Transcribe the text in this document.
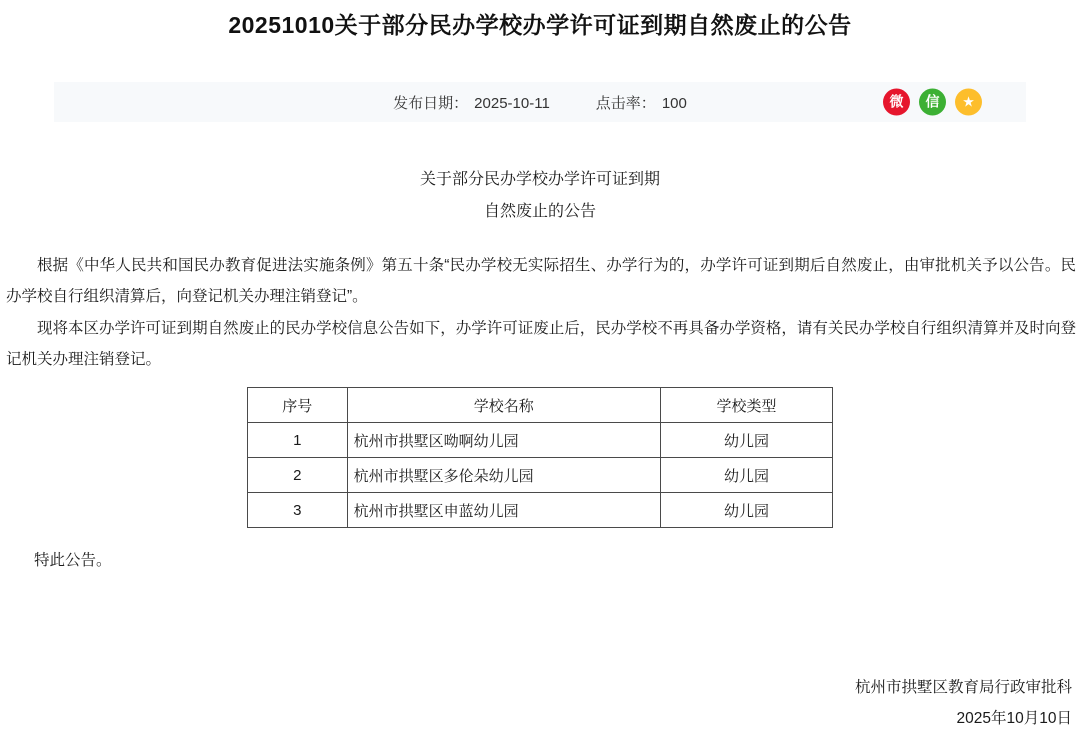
20251010关于部分民办学校办学许可证到期自然废止的公告
发布日期： 2025-10-11	点击率： 100	微 信 ★
关于部分民办学校办学许可证到期
自然废止的公告

根据《中华人民共和国民办教育促进法实施条例》第五十条“民办学校无实际招生、办学行为的，办学许可证到期后自然废止，由审批机关予以公告。民办学校自行组织清算后，向登记机关办理注销登记”。

现将本区办学许可证到期自然废止的民办学校信息公告如下，办学许可证废止后，民办学校不再具备办学资格，请有关民办学校自行组织清算并及时向登记机关办理注销登记。

序号	学校名称	学校类型
1	杭州市拱墅区呦啊幼儿园	幼儿园
2	杭州市拱墅区多伦朵幼儿园	幼儿园
3	杭州市拱墅区申蓝幼儿园	幼儿园
特此公告。
杭州市拱墅区教育局行政审批科
2025年10月10日
